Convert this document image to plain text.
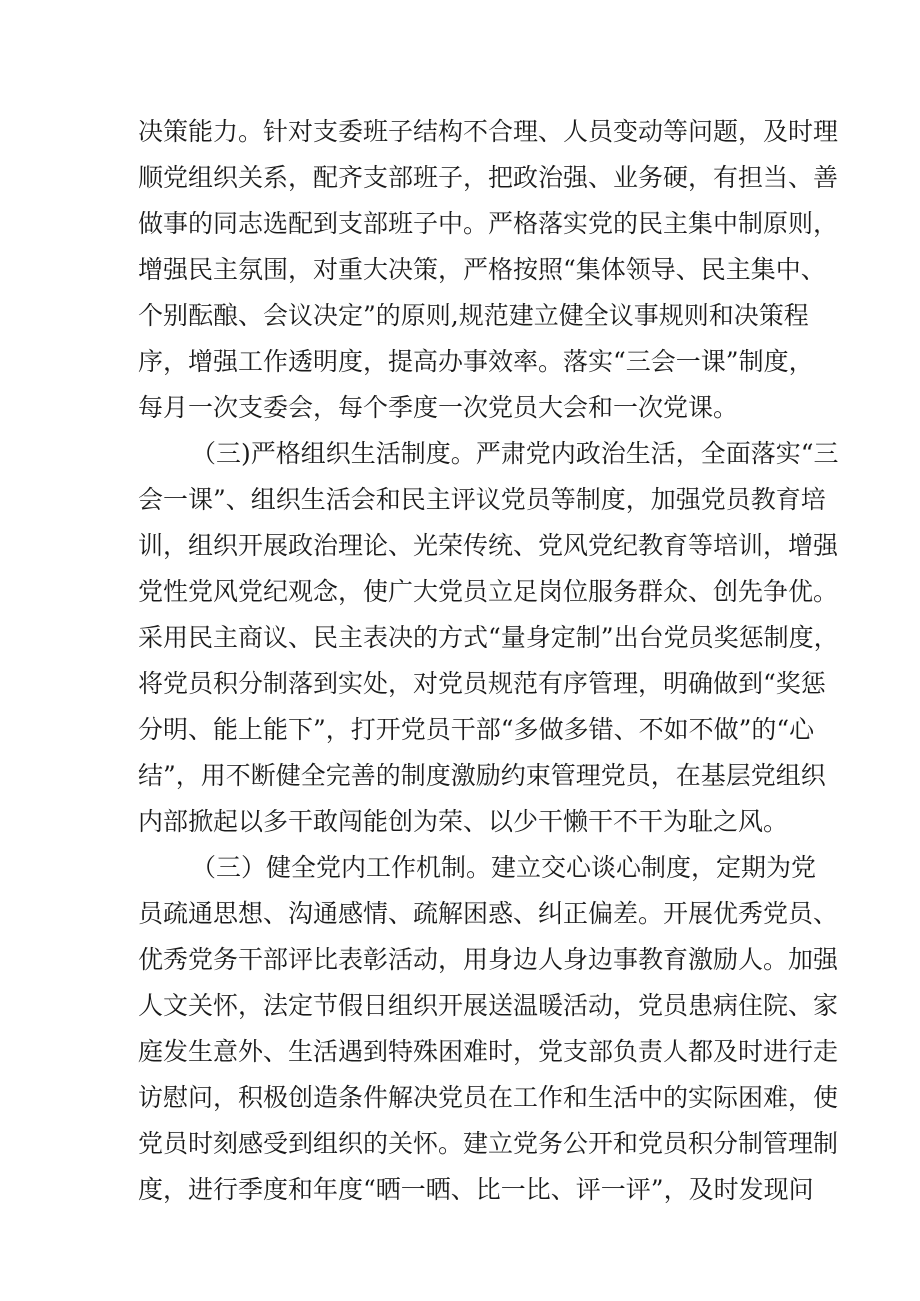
决策能力。针对支委班子结构不合理、人员变动等问题，及时理
顺党组织关系，配齐支部班子，把政治强、业务硬，有担当、善
做事的同志选配到支部班子中。严格落实党的民主集中制原则，
增强民主氛围，对重大决策，严格按照“集体领导、民主集中、
个别酝酿、会议决定”的原则,规范建立健全议事规则和决策程
序，增强工作透明度，提高办事效率。落实“三会一课”制度，
每月一次支委会，每个季度一次党员大会和一次党课。
（三)严格组织生活制度。严肃党内政治生活，全面落实“三
会一课”、组织生活会和民主评议党员等制度，加强党员教育培
训，组织开展政治理论、光荣传统、党风党纪教育等培训，增强
党性党风党纪观念，使广大党员立足岗位服务群众、创先争优。
采用民主商议、民主表决的方式“量身定制”出台党员奖惩制度，
将党员积分制落到实处，对党员规范有序管理，明确做到“奖惩
分明、能上能下”，打开党员干部“多做多错、不如不做”的“心
结”，用不断健全完善的制度激励约束管理党员，在基层党组织
内部掀起以多干敢闯能创为荣、以少干懒干不干为耻之风。
（三）健全党内工作机制。建立交心谈心制度，定期为党
员疏通思想、沟通感情、疏解困惑、纠正偏差。开展优秀党员、
优秀党务干部评比表彰活动，用身边人身边事教育激励人。加强
人文关怀，法定节假日组织开展送温暖活动，党员患病住院、家
庭发生意外、生活遇到特殊困难时，党支部负责人都及时进行走
访慰问，积极创造条件解决党员在工作和生活中的实际困难，使
党员时刻感受到组织的关怀。建立党务公开和党员积分制管理制
度，进行季度和年度“晒一晒、比一比、评一评”，及时发现问
